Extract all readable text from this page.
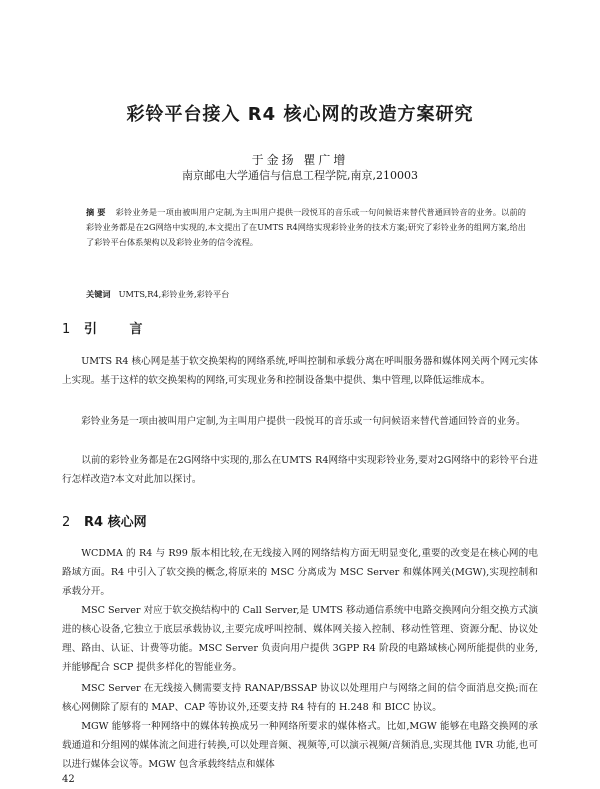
彩铃平台接入 R4 核心网的改造方案研究
于金扬 瞿广增
南京邮电大学通信与信息工程学院,南京,210003
摘 要 彩铃业务是一项由被叫用户定制,为主叫用户提供一段悦耳的音乐或一句问候语来替代普通回铃音的业务。以前的彩铃业务都是在2G网络中实现的,本文提出了在UMTS R4网络实现彩铃业务的技术方案;研究了彩铃业务的组网方案,给出了彩铃平台体系架构以及彩铃业务的信令流程。
关键词 UMTS,R4,彩铃业务,彩铃平台
1 引 言

UMTS R4 核心网是基于软交换架构的网络系统,呼叫控制和承载分离在呼叫服务器和媒体网关两个网元实体上实现。基于这样的软交换架构的网络,可实现业务和控制设备集中提供、集中管理,以降低运维成本。

彩铃业务是一项由被叫用户定制,为主叫用户提供一段悦耳的音乐或一句问候语来替代普通回铃音的业务。

以前的彩铃业务都是在2G网络中实现的,那么在UMTS R4网络中实现彩铃业务,要对2G网络中的彩铃平台进行怎样改造?本文对此加以探讨。

2 R4 核心网

WCDMA 的 R4 与 R99 版本相比较,在无线接入网的网络结构方面无明显变化,重要的改变是在核心网的电路域方面。R4 中引入了软交换的概念,将原来的 MSC 分离成为 MSC Server 和媒体网关(MGW),实现控制和承载分开。

MSC Server 对应于软交换结构中的 Call Server,是 UMTS 移动通信系统中电路交换网向分组交换方式演进的核心设备,它独立于底层承载协议,主要完成呼叫控制、媒体网关接入控制、移动性管理、资源分配、协议处理、路由、认证、计费等功能。MSC Server 负责向用户提供 3GPP R4 阶段的电路域核心网所能提供的业务,并能够配合 SCP 提供多样化的智能业务。

MSC Server 在无线接入侧需要支持 RANAP/BSSAP 协议以处理用户与网络之间的信令面消息交换;而在核心网侧除了原有的 MAP、CAP 等协议外,还要支持 R4 特有的 H.248 和 BICC 协议。

MGW 能够将一种网络中的媒体转换成另一种网络所要求的媒体格式。比如,MGW 能够在电路交换网的承载通道和分组网的媒体流之间进行转换,可以处理音频、视频等,可以演示视频/音频消息,实现其他 IVR 功能,也可以进行媒体会议等。MGW 包含承载终结点和媒体

42
